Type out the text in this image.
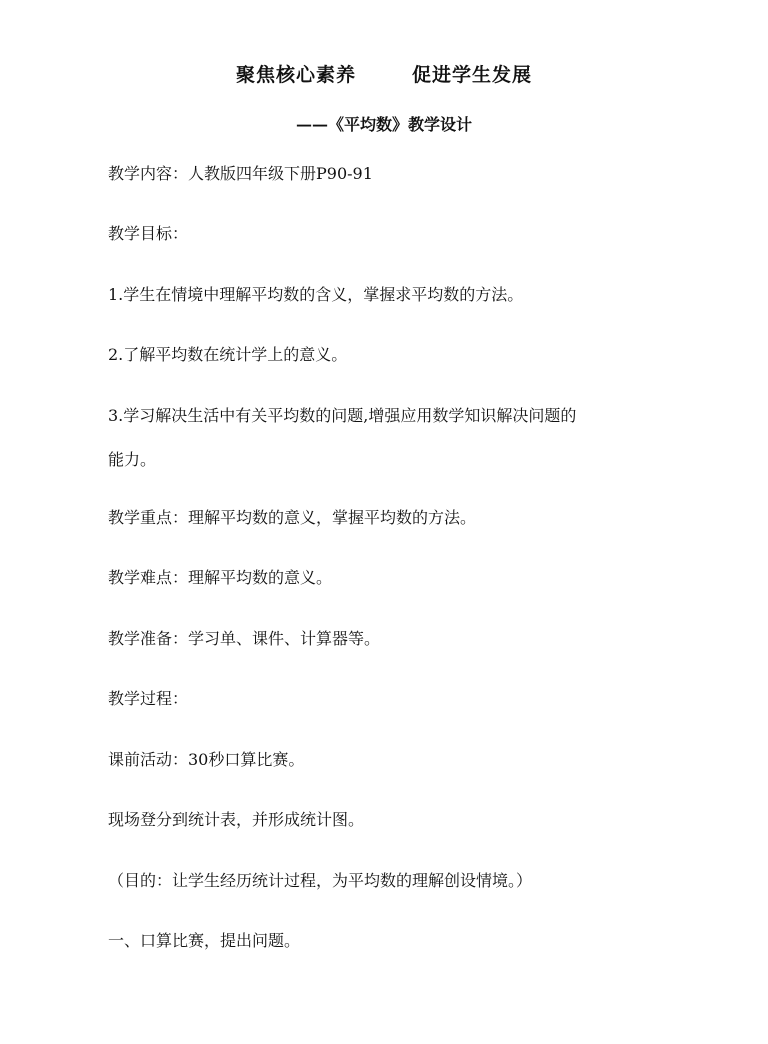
聚焦核心素养	促进学生发展
——《平均数》教学设计
教学内容：人教版四年级下册P90-91
教学目标：
1.学生在情境中理解平均数的含义，掌握求平均数的方法。
2.了解平均数在统计学上的意义。
3.学习解决生活中有关平均数的问题,增强应用数学知识解决问题的
能力。
教学重点：理解平均数的意义，掌握平均数的方法。
教学难点：理解平均数的意义。
教学准备：学习单、课件、计算器等。
教学过程：
课前活动：30秒口算比赛。
现场登分到统计表，并形成统计图。
（目的：让学生经历统计过程，为平均数的理解创设情境。）
一、口算比赛，提出问题。
